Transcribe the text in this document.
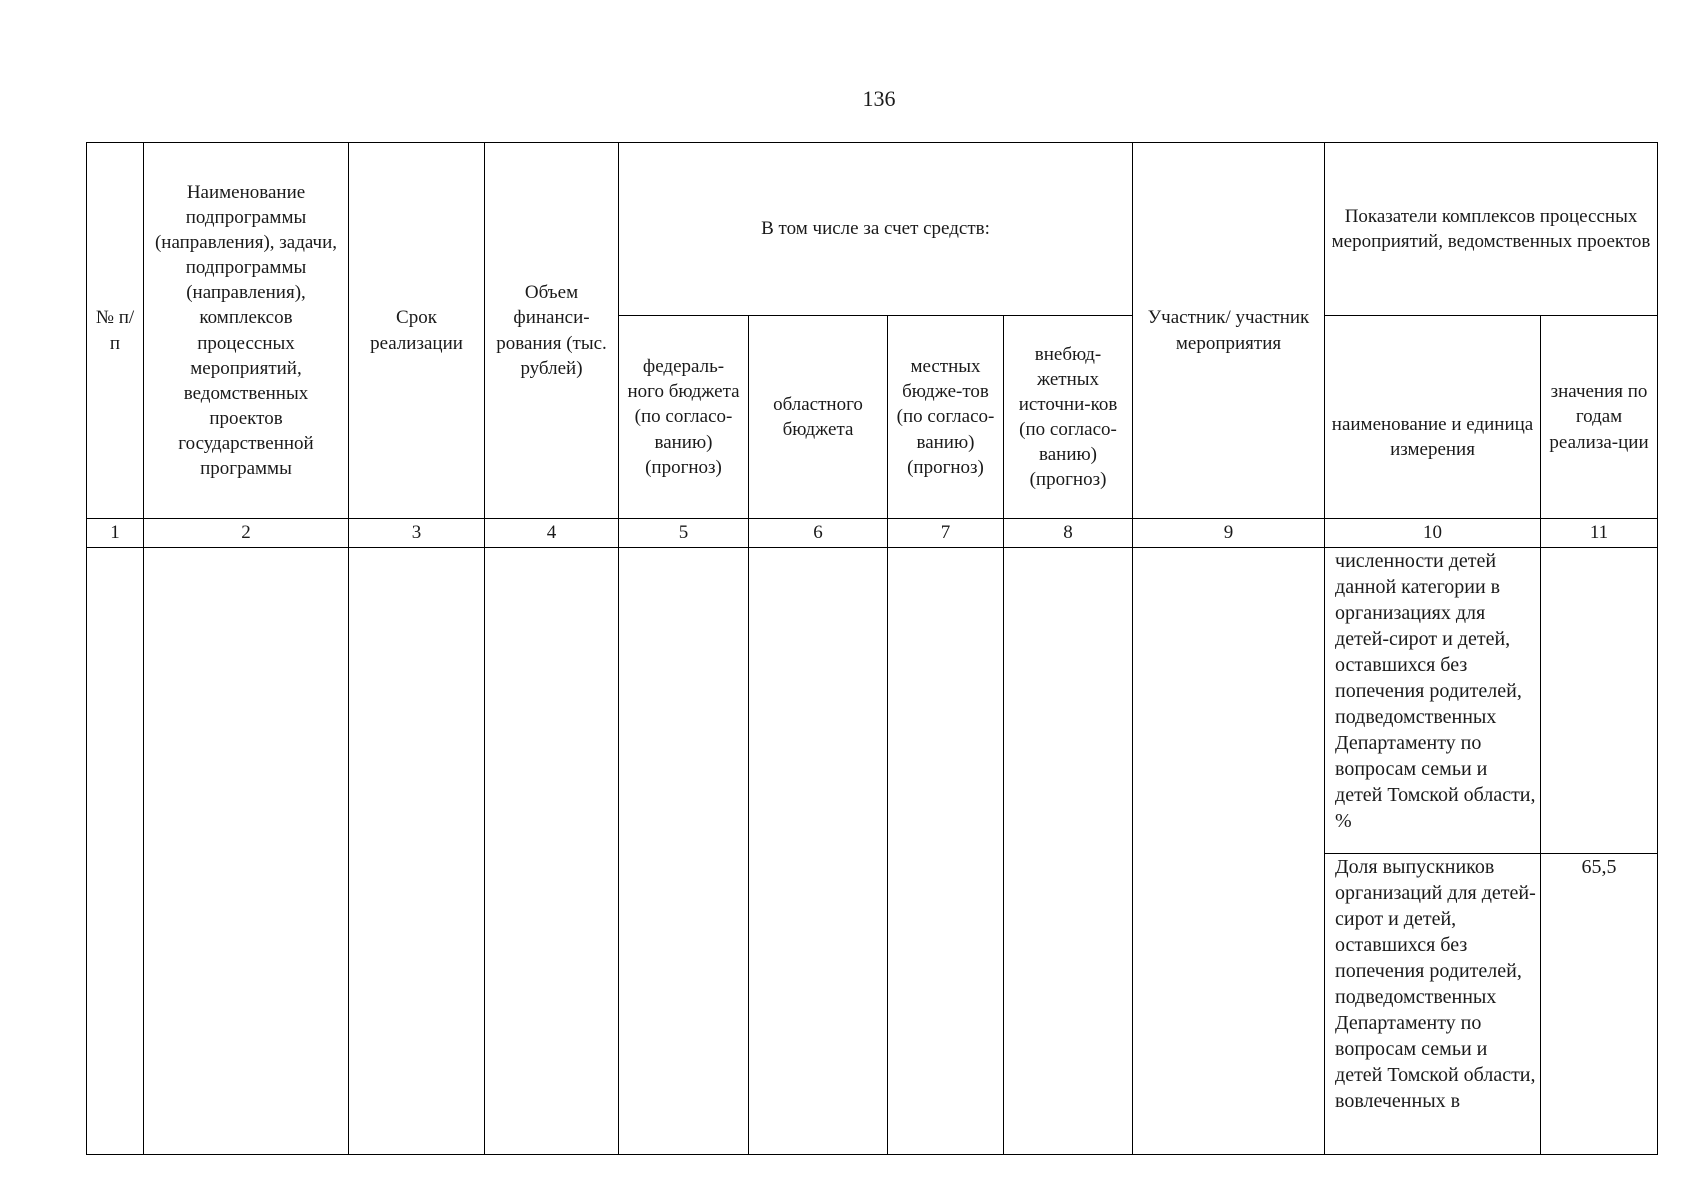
136
№ п/п	Наименование подпрограммы (направления), задачи, подпрограммы (направления), комплексов процессных мероприятий, ведомственных проектов государственной программы	Срок реализации	Объем финанси-рования (тыс. рублей)	В том числе за счет средств:				Участник/ участник мероприятия	Показатели комплексов процессных мероприятий, ведомственных проектов	
				федераль-ного бюджета (по согласо-ванию) (прогноз)	областного бюджета	местных бюдже-тов (по согласо-ванию) (прогноз)	внебюд-жетных источни-ков (по согласо-ванию) (прогноз)		наименование и единица измерения	значения по годам реализа-ции
1	2	3	4	5	6	7	8	9	10	11
									численности детей данной категории в организациях для детей-сирот и детей, оставшихся без попечения родителей, подведомственных Департаменту по вопросам семьи и детей Томской области, %	
									Доля выпускников организаций для детей-сирот и детей, оставшихся без попечения родителей, подведомственных Департаменту по вопросам семьи и детей Томской области, вовлеченных в	65,5
